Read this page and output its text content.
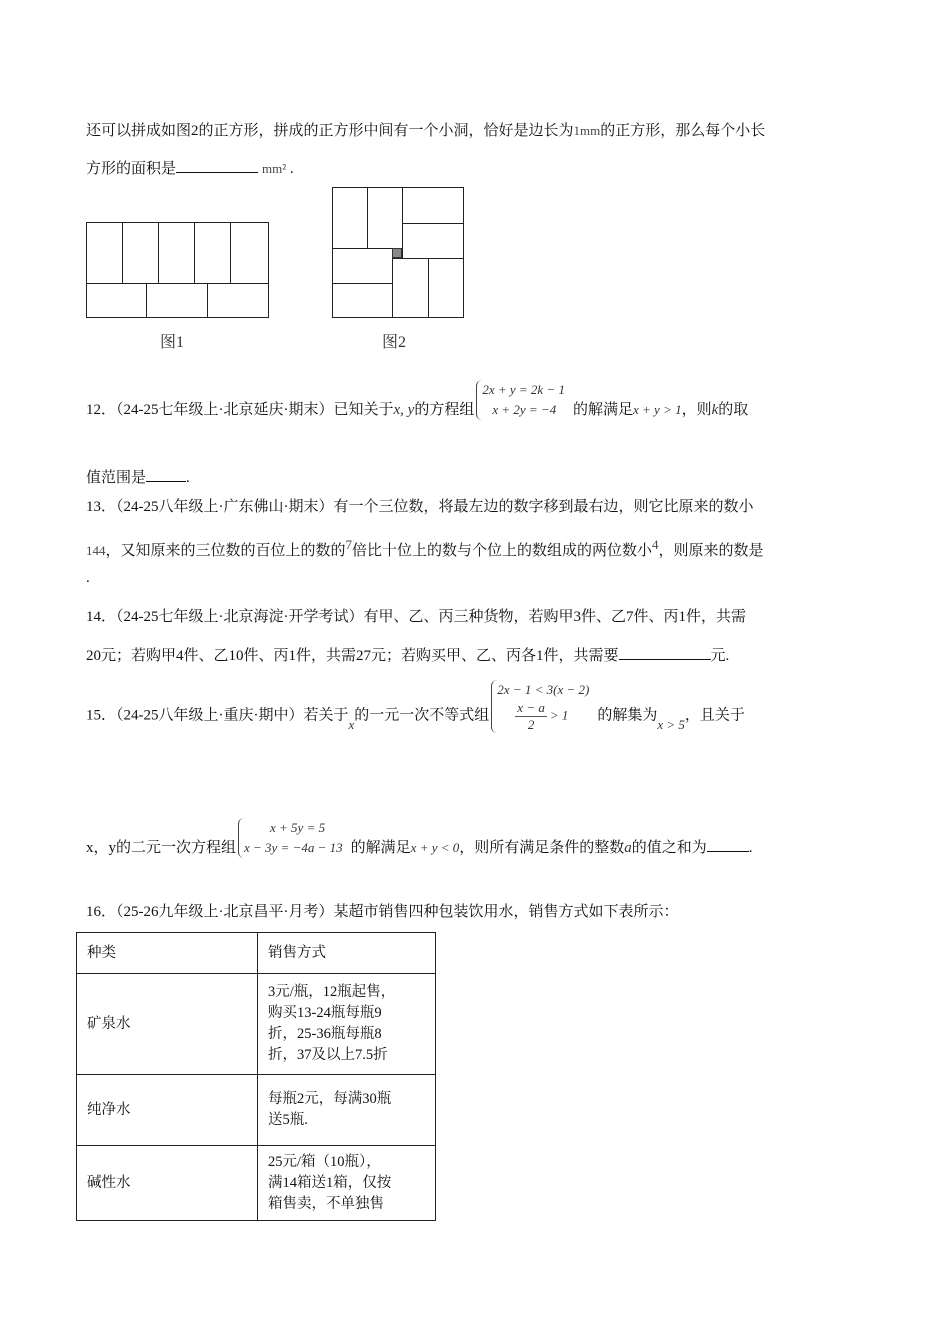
还可以拼成如图2的正方形，拼成的正方形中间有一个小洞，恰好是边长为1mm的正方形，那么每个小长
方形的面积是	mm² .
图1	图2
12．（24-25七年级上·北京延庆·期末）已知关于x, y的方程组
2x + y = 2k − 1
x + 2y = −4	的解满足x + y > 1，则k的取
值范围是	.
13．（24-25八年级上·广东佛山·期末）有一个三位数，将最左边的数字移到最右边，则它比原来的数小
144，又知原来的三位数的百位上的数的7倍比十位上的数与个位上的数组成的两位数小4，则原来的数是
.
14．（24-25七年级上·北京海淀·开学考试）有甲、乙、丙三种货物，若购甲3件、乙7件、丙1件，共需
20元；若购甲4件、乙10件、丙1件，共需27元；若购买甲、乙、丙各1件，共需要	元.
15．（24-25八年级上·重庆·期中）若关于x的一元一次不等式组
2x − 1 < 3(x − 2)
$\frac{x - a}{2} > 1$	的解集为x > 5，且关于
x，y的二元一次方程组
x + 5y = 5
x − 3y = −4a − 13 的解满足x + y < 0，则所有满足条件的整数a的值之和为	.
16．（25-26九年级上·北京昌平·月考）某超市销售四种包装饮用水，销售方式如下表所示：
种类	销售方式
矿泉水	3元/瓶，12瓶起售，
购买13-24瓶每瓶9
折，25-36瓶每瓶8
折，37及以上7.5折

纯净水	每瓶2元，每满30瓶
送5瓶.

碱性水	25元/箱（10瓶），
满14箱送1箱，仅按
箱售卖，不单独售
